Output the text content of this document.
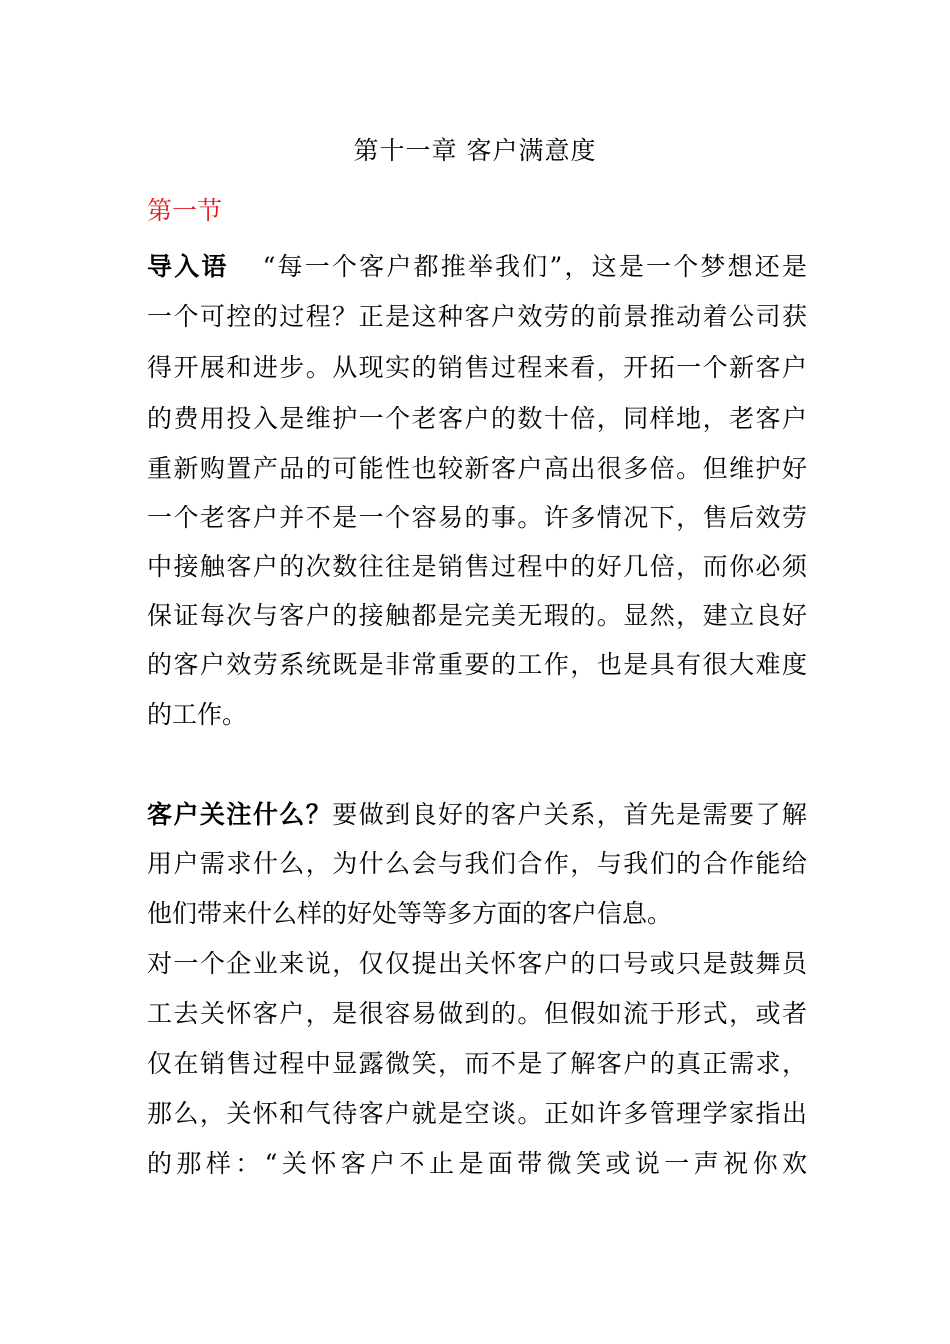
第十一章 客户满意度
第一节
导入语 “每一个客户都推举我们”，这是一个梦想还是
一个可控的过程？正是这种客户效劳的前景推动着公司获
得开展和进步。从现实的销售过程来看，开拓一个新客户
的费用投入是维护一个老客户的数十倍，同样地，老客户
重新购置产品的可能性也较新客户高出很多倍。但维护好
一个老客户并不是一个容易的事。许多情况下，售后效劳
中接触客户的次数往往是销售过程中的好几倍，而你必须
保证每次与客户的接触都是完美无瑕的。显然，建立良好
的客户效劳系统既是非常重要的工作，也是具有很大难度
的工作。
客户关注什么？要做到良好的客户关系，首先是需要了解
用户需求什么，为什么会与我们合作，与我们的合作能给
他们带来什么样的好处等等多方面的客户信息。
对一个企业来说，仅仅提出关怀客户的口号或只是鼓舞员
工去关怀客户，是很容易做到的。但假如流于形式，或者
仅在销售过程中显露微笑，而不是了解客户的真正需求，
那么，关怀和气待客户就是空谈。正如许多管理学家指出
的那样：“关怀客户不止是面带微笑或说一声祝你欢
